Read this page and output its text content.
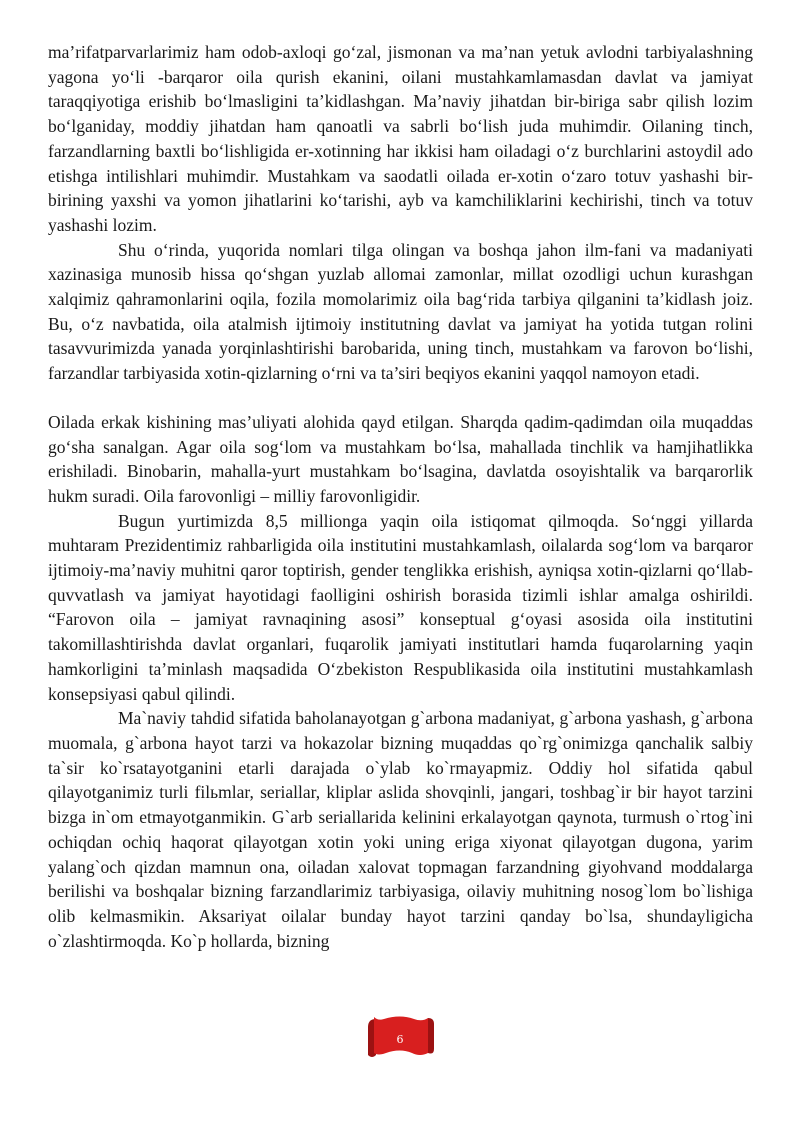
ma’rifatparvarlarimiz ham odob-axloqi go‘zal, jismonan va ma’nan yetuk avlodni tarbiyalashning yagona yo‘li -barqaror oila qurish ekanini, oilani mustahkamlamasdan davlat va jamiyat taraqqiyotiga erishib bo‘lmasligini ta’kidlashgan. Ma’naviy jihatdan bir-biriga sabr qilish lozim bo‘lganiday, moddiy jihatdan ham qanoatli va sabrli bo‘lish juda muhimdir. Oilaning tinch, farzandlarning baxtli bo‘lishligida er-xotinning har ikkisi ham oiladagi o‘z burchlarini astoydil ado etishga intilishlari muhimdir. Mustahkam va saodatli oilada er-xotin o‘zaro totuv yashashi bir-birining yaxshi va yomon jihatlarini ko‘tarishi, ayb va kamchiliklarini kechirishi, tinch va totuv yashashi lozim.

Shu o‘rinda, yuqorida nomlari tilga olingan va boshqa jahon ilm-fani va madaniyati xazinasiga munosib hissa qo‘shgan yuzlab allomai zamonlar, millat ozodligi uchun kurashgan xalqimiz qahramonlarini oqila, fozila momolarimiz oila bag‘rida tarbiya qilganini ta’kidlash joiz. Bu, o‘z navbatida, oila atalmish ijtimoiy institutning davlat va jamiyat ha yotida tutgan rolini tasavvurimizda yanada yorqinlashtirishi barobarida, uning tinch, mustahkam va farovon bo‘lishi, farzandlar tarbiyasida xotin-qizlarning o‘rni va ta’siri beqiyos ekanini yaqqol namoyon etadi.

Oilada erkak kishining mas’uliyati alohida qayd etilgan. Sharqda qadim-qadimdan oila muqaddas go‘sha sanalgan. Agar oila sog‘lom va mustahkam bo‘lsa, mahallada tinchlik va hamjihatlikka erishiladi. Binobarin, mahalla-yurt mustahkam bo‘lsagina, davlatda osoyishtalik va barqarorlik hukm suradi. Oila farovonligi – milliy farovonligidir.

Bugun yurtimizda 8,5 millionga yaqin oila istiqomat qilmoqda. So‘nggi yillarda muhtaram Prezidentimiz rahbarligida oila institutini mustahkamlash, oilalarda sog‘lom va barqaror ijtimoiy-ma’naviy muhitni qaror toptirish, gender tenglikka erishish, ayniqsa xotin-qizlarni qo‘llab-quvvatlash va jamiyat hayotidagi faolligini oshirish borasida tizimli ishlar amalga oshirildi. “Farovon oila – jamiyat ravnaqining asosi” konseptual g‘oyasi asosida oila institutini takomillashtirishda davlat organlari, fuqarolik jamiyati institutlari hamda fuqarolarning yaqin hamkorligini ta’minlash maqsadida O‘zbekiston Respublikasida oila institutini mustahkamlash konsepsiyasi qabul qilindi.

Ma`naviy tahdid sifatida baholanayotgan g`arbona madaniyat, g`arbona yashash, g`arbona muomala, g`arbona hayot tarzi va hokazolar bizning muqaddas qo`rg`onimizga qanchalik salbiy ta`sir ko`rsatayotganini etarli darajada o`ylab ko`rmayapmiz. Oddiy hol sifatida qabul qilayotganimiz turli filьmlar, seriallar, kliplar aslida shovqinli, jangari, toshbag`ir bir hayot tarzini bizga in`om etmayotganmikin. G`arb seriallarida kelinini erkalayotgan qaynota, turmush o`rtog`ini ochiqdan ochiq haqorat qilayotgan xotin yoki uning eriga xiyonat qilayotgan dugona, yarim yalang`och qizdan mamnun ona, oiladan xalovat topmagan farzandning giyohvand moddalarga berilishi va boshqalar bizning farzandlarimiz tarbiyasiga, oilaviy muhitning nosog`lom bo`lishiga olib kelmasmikin. Aksariyat oilalar bunday hayot tarzini qanday bo`lsa, shundayligicha o`zlashtirmoqda. Ko`p hollarda, bizning

6
